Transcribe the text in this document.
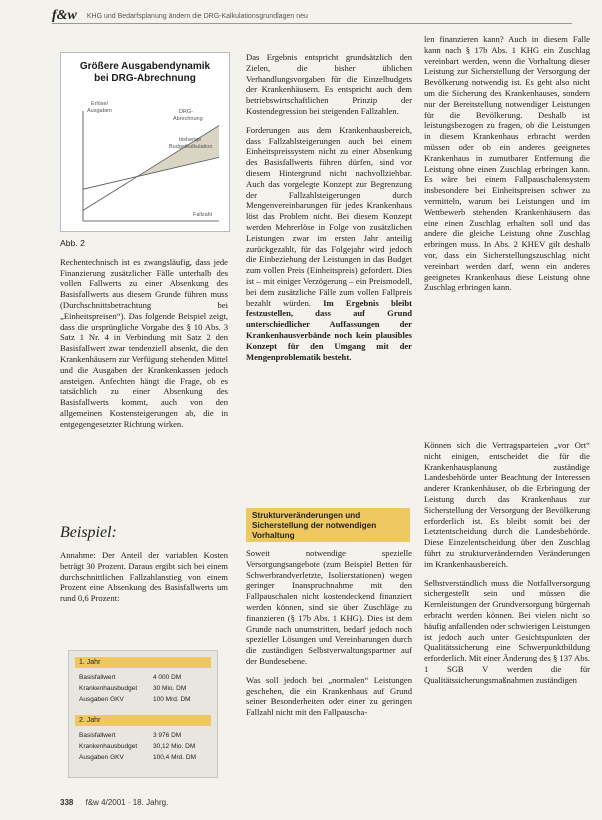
f&w KHG und Bedarfsplanung ändern die DRG-Kalkulationsgrundlagen neu
Größere Ausgabendynamik
bei DRG-Abrechnung
Erlöse/
Ausgaben	DRG-
Abrechnung
bisherige
Budgetkalkulation
Fallzahl

Abb. 2

Rechentechnisch ist es zwangsläufig, dass jede Finanzierung zusätzlicher Fälle unterhalb des vollen Fallwerts zu einer Absenkung des Basisfallwerts aus diesem Grunde führen muss (Durchschnittsbetrachtung bei „Einheitspreisen“). Das folgende Beispiel zeigt, dass die ursprüngliche Vorgabe des § 10 Abs. 3 Satz 1 Nr. 4 in Verbindung mit Satz 2 den Basisfallwert zwar tendenziell absenkt, die den Krankenhäusern zur Verfügung stehenden Mittel und die Ausgaben der Krankenkassen jedoch ansteigen. Anfechten hängt die Frage, ob es tatsächlich zu einer Absenkung des Basisfallwerts kommt, auch von den allgemeinen Kostensteigerungen ab, die in entgegengesetzter Richtung wirken.

Beispiel:

Annahme: Der Anteil der variablen Kosten beträgt 30 Prozent. Daraus ergibt sich bei einem durchschnittlichen Fallzahlanstieg von einem Prozent eine Absenkung des Basisfallwerts um rund 0,6 Prozent:

1. Jahr
Basisfallwert	4 000 DM
Krankenhausbudget 30 Mio. DM
Ausgaben GKV	100 Mrd. DM
2. Jahr
Basisfallwert	3 976 DM
Krankenhausbudget 30,12 Mio. DM
Ausgaben GKV	100,4 Mrd. DM

Das Ergebnis entspricht grundsätzlich den Zielen, die bisher üblichen Verhandlungsvorgaben für die Einzelbudgets der Krankenhäusern. Es entspricht auch dem betriebswirtschaftlichen Prinzip der Kostendegression bei steigenden Fallzahlen.

Forderungen aus dem Krankenhausbereich, dass Fallzahlsteigerungen auch bei einem Einheitspreissystem nicht zu einer Absenkung des Basisfallwerts führen dürfen, sind vor diesem Hintergrund nicht nachvollziehbar. Auch das vorgelegte Konzept zur Begrenzung der Fallzahlsteigerungen durch Mengenvereinbarungen für jedes Krankenhaus löst das Problem nicht. Bei diesem Konzept werden Mehrerlöse in Folge von zusätzlichen Leistungen zwar im ersten Jahr anteilig zurückgezahlt, für das Folgejahr wird jedoch die Einbeziehung der Leistungen in das Budget zum vollen Preis (Einheitspreis) gefordert. Dies ist – mit einiger Verzögerung – ein Preismodell, bei dem zusätzliche Fälle zum vollen Fallpreis bezahlt würden. Im Ergebnis bleibt festzustellen, dass auf Grund unterschiedlicher Auffassungen der Krankenhausverbände noch kein plausibles Konzept für den Umgang mit der Mengenproblematik besteht.

Strukturveränderungen und Sicherstellung der notwendigen Vorhaltung

Soweit notwendige spezielle Versorgungsangebote (zum Beispiel Betten für Schwerbrandverletzte, Isolierstationen) wegen geringer Inanspruchnahme mit den Fallpauschalen nicht kostendeckend finanziert werden können, sind sie über Zuschläge zu finanzieren (§ 17b Abs. 1 KHG). Dies ist dem Grunde nach unumstritten, bedarf jedoch noch spezieller Lösungen und Vereinbarungen durch die zuständigen Selbstverwaltungspartner auf der Bundesebene.

Was soll jedoch bei „normalen“ Leistungen geschehen, die ein Krankenhaus auf Grund seiner Besonderheiten oder einer zu geringen Fallzahl nicht mit den Fallpauscha-

len finanzieren kann? Auch in diesem Falle kann nach § 17b Abs. 1 KHG ein Zuschlag vereinbart werden, wenn die Vorhaltung dieser Leistung zur Sicherstellung der Versorgung der Bevölkerung notwendig ist. Es geht also nicht um die Sicherung des Krankenhauses, sondern nur der Bereitstellung notwendiger Leistungen für die Bevölkerung. Deshalb ist leistungsbezogen zu fragen, ob die Leistungen in diesem Krankenhaus erbracht werden müssen oder ob ein anderes geeignetes Krankenhaus in zumutbarer Entfernung die Leistung ohne einen Zuschlag erbringen kann. Es wäre bei einem Fallpauschalensystem insbesondere bei Einheitspreisen schwer zu vermitteln, warum bei Leistungen und im Wettbewerb stehenden Krankenhäusern das eine einen Zuschlag erhalten soll und das andere die gleiche Leistung ohne Zuschlag erbringen muss. In Abs. 2 KHEV gilt deshalb vor, dass ein Sicherstellungszuschlag nicht vereinbart werden darf, wenn ein anderes geeignetes Krankenhaus diese Leistung ohne Zuschlag erbringen kann.

Können sich die Vertragsparteien „vor Ort“ nicht einigen, entscheidet die für die Krankenhausplanung zuständige Landesbehörde unter Beachtung der Interessen anderer Krankenhäuser, ob die Erbringung der Leistung durch das Krankenhaus zur Sicherstellung der Versorgung der Bevölkerung erforderlich ist. Es bleibt somit bei der Letztentscheidung durch die Landesbehörde. Diese Einzelentscheidung über den Zuschlag führt zu strukturverändernden Veränderungen im Krankenhausbereich.

Selbstverständlich muss die Notfallversorgung sichergestellt sein und müssen die Kernleistungen der Grundversorgung bürgernah erbracht werden können. Bei vielen nicht so häufig anfallenden oder schwierigen Leistungen ist jedoch auch unter Gesichtspunkten der Qualitätssicherung eine Schwerpunktbildung erforderlich. Mit einer Änderung des § 137 Abs. 1 SGB V werden die für Qualitätssicherungsmaßnahmen zuständigen

338 f&w 4/2001 · 18. Jahrg.
